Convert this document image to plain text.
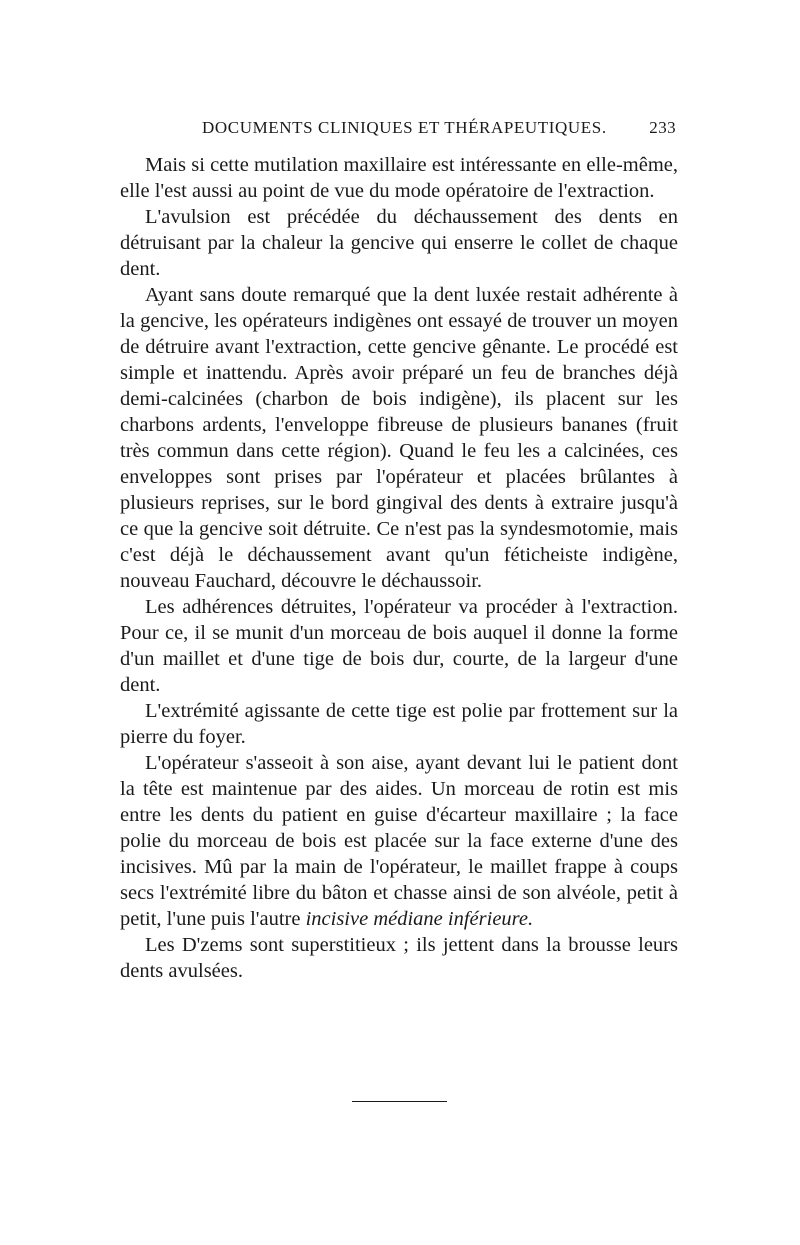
DOCUMENTS CLINIQUES ET THÉRAPEUTIQUES.	233

Mais si cette mutilation maxillaire est intéressante en elle-même, elle l'est aussi au point de vue du mode opératoire de l'extraction.

L'avulsion est précédée du déchaussement des dents en détruisant par la chaleur la gencive qui enserre le collet de chaque dent.

Ayant sans doute remarqué que la dent luxée restait adhérente à la gencive, les opérateurs indigènes ont essayé de trouver un moyen de détruire avant l'extraction, cette gencive gênante. Le procédé est simple et inattendu. Après avoir préparé un feu de branches déjà demi-calcinées (charbon de bois indigène), ils placent sur les charbons ardents, l'enveloppe fibreuse de plusieurs bananes (fruit très commun dans cette région). Quand le feu les a calcinées, ces enveloppes sont prises par l'opérateur et placées brûlantes à plusieurs reprises, sur le bord gingival des dents à extraire jusqu'à ce que la gencive soit détruite. Ce n'est pas la syndesmotomie, mais c'est déjà le déchaussement avant qu'un féticheiste indigène, nouveau Fauchard, découvre le déchaussoir.

Les adhérences détruites, l'opérateur va procéder à l'extraction. Pour ce, il se munit d'un morceau de bois auquel il donne la forme d'un maillet et d'une tige de bois dur, courte, de la largeur d'une dent.

L'extrémité agissante de cette tige est polie par frottement sur la pierre du foyer.

L'opérateur s'asseoit à son aise, ayant devant lui le patient dont la tête est maintenue par des aides. Un morceau de rotin est mis entre les dents du patient en guise d'écarteur maxillaire ; la face polie du morceau de bois est placée sur la face externe d'une des incisives. Mû par la main de l'opérateur, le maillet frappe à coups secs l'extrémité libre du bâton et chasse ainsi de son alvéole, petit à petit, l'une puis l'autre incisive médiane inférieure.

Les D'zems sont superstitieux ; ils jettent dans la brousse leurs dents avulsées.
